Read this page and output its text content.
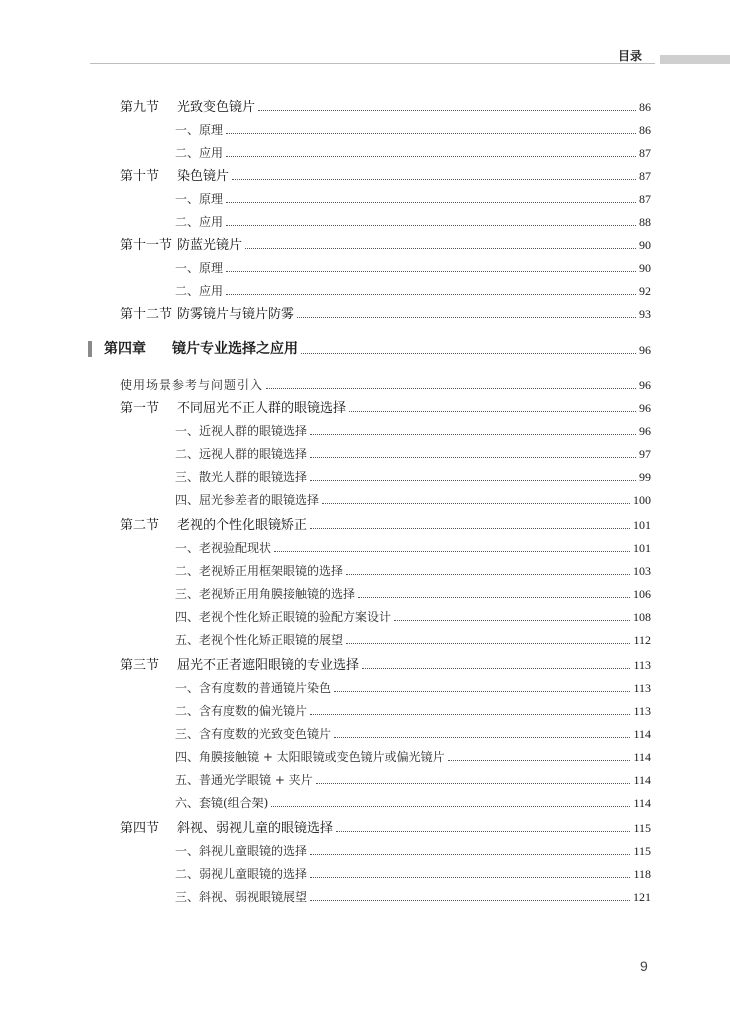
目录
第九节	光致变色镜片	86
一、原理	86
二、应用	87
第十节	染色镜片	87
一、原理	87
二、应用	88
第十一节 防蓝光镜片	90
一、原理	90
二、应用	92
第十二节 防雾镜片与镜片防雾	93
第四章	镜片专业选择之应用	96
使用场景参考与问题引入	96
第一节	不同屈光不正人群的眼镜选择	96
一、近视人群的眼镜选择	96
二、远视人群的眼镜选择	97
三、散光人群的眼镜选择	99
四、屈光参差者的眼镜选择	100
第二节	老视的个性化眼镜矫正	101
一、老视验配现状	101
二、老视矫正用框架眼镜的选择	103
三、老视矫正用角膜接触镜的选择	106
四、老视个性化矫正眼镜的验配方案设计	108
五、老视个性化矫正眼镜的展望	112
第三节	屈光不正者遮阳眼镜的专业选择	113
一、含有度数的普通镜片染色	113
二、含有度数的偏光镜片	113
三、含有度数的光致变色镜片	114
四、角膜接触镜 + 太阳眼镜或变色镜片或偏光镜片	114
五、普通光学眼镜 + 夹片	114
六、套镜(组合架)	114
第四节	斜视、弱视儿童的眼镜选择	115
一、斜视儿童眼镜的选择	115
二、弱视儿童眼镜的选择	118
三、斜视、弱视眼镜展望	121
9
